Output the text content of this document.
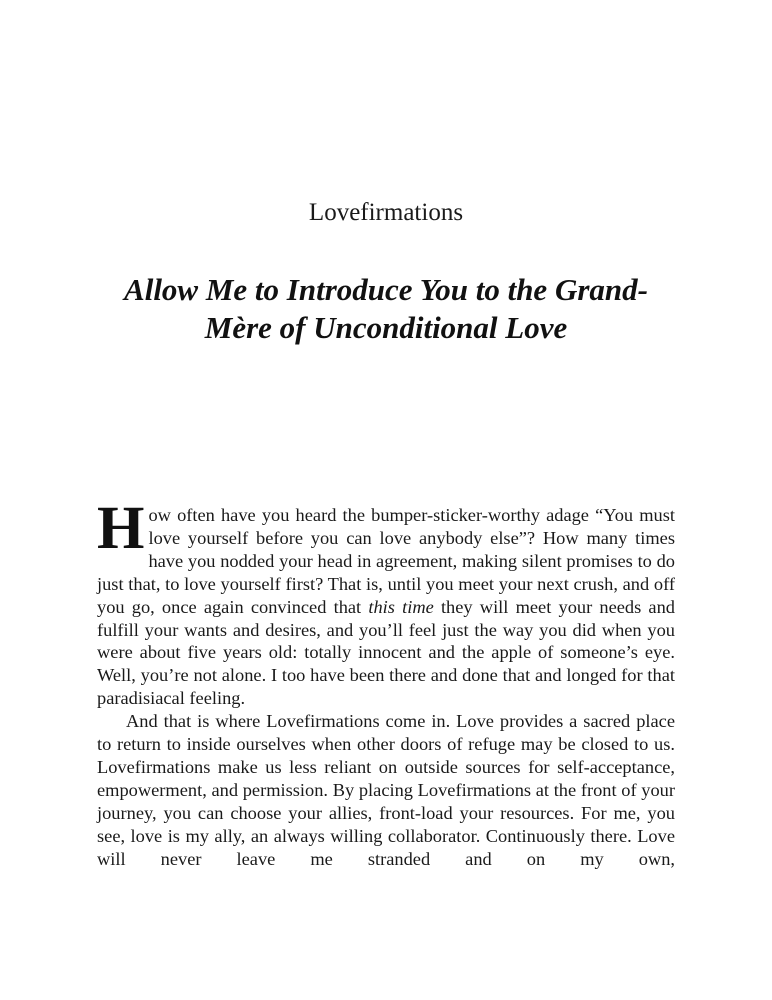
Lovefirmations
Allow Me to Introduce You to the Grand-
Mère of Unconditional Love

How often have you heard the bumper-sticker-worthy adage “You must love yourself before you can love anybody else”? How many times have you nodded your head in agreement, making silent promises to do just that, to love yourself first? That is, until you meet your next crush, and off you go, once again convinced that this time they will meet your needs and fulfill your wants and desires, and you’ll feel just the way you did when you were about five years old: totally innocent and the apple of someone’s eye. Well, you’re not alone. I too have been there and done that and longed for that paradisiacal feeling.

And that is where Lovefirmations come in. Love provides a sacred place to return to inside ourselves when other doors of refuge may be closed to us. Lovefirmations make us less reliant on outside sources for self-acceptance, empowerment, and permission. By placing Lovefirmations at the front of your journey, you can choose your allies, front-load your resources. For me, you see, love is my ally, an always willing collaborator. Continuously there. Love will never leave me stranded and on my own,
